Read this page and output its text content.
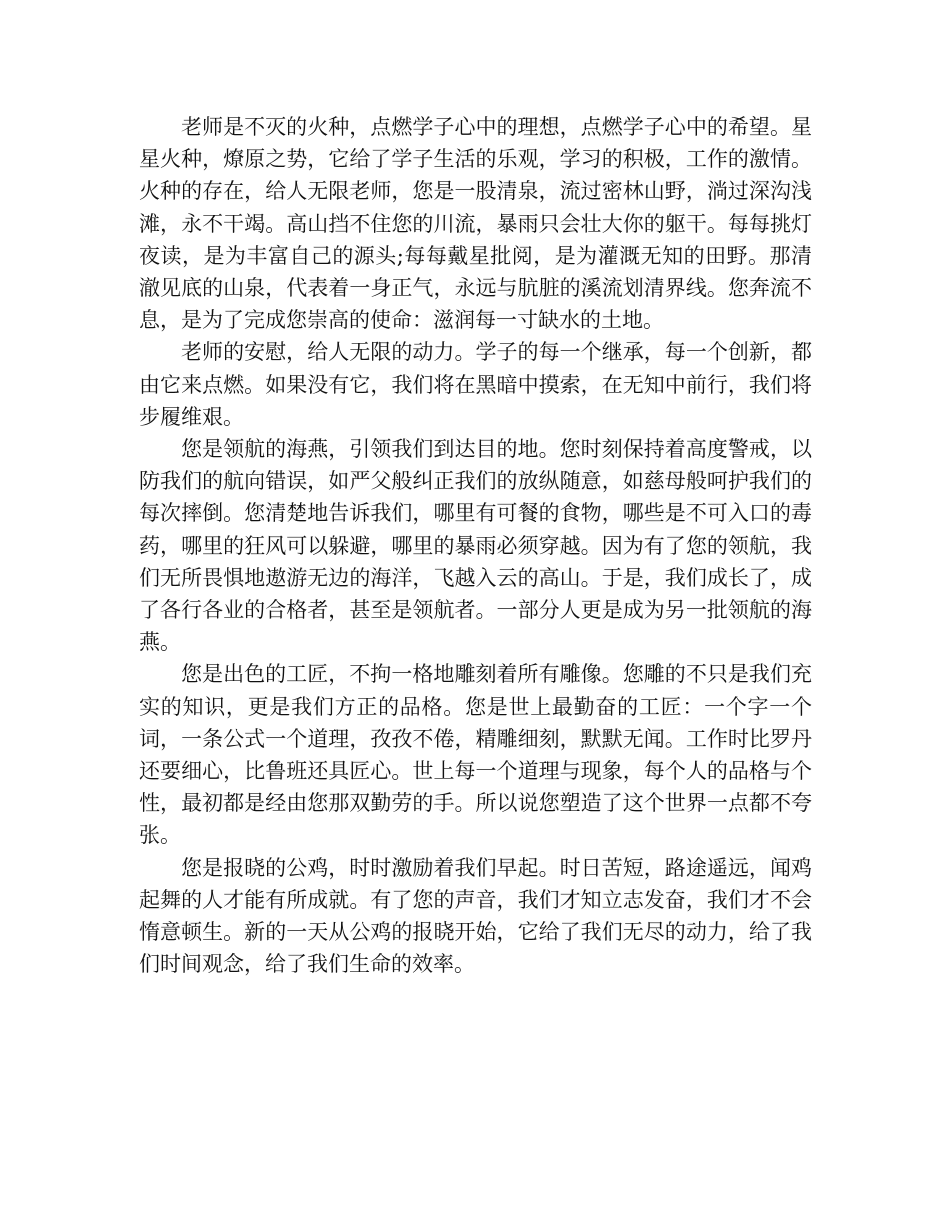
老师是不灭的火种，点燃学子心中的理想，点燃学子心中的希望。星星火种，燎原之势，它给了学子生活的乐观，学习的积极，工作的激情。火种的存在，给人无限老师，您是一股清泉，流过密林山野，淌过深沟浅滩，永不干竭。高山挡不住您的川流，暴雨只会壮大你的躯干。每每挑灯夜读，是为丰富自己的源头;每每戴星批阅，是为灌溉无知的田野。那清澈见底的山泉，代表着一身正气，永远与肮脏的溪流划清界线。您奔流不息，是为了完成您崇高的使命：滋润每一寸缺水的土地。

老师的安慰，给人无限的动力。学子的每一个继承，每一个创新，都由它来点燃。如果没有它，我们将在黑暗中摸索，在无知中前行，我们将步履维艰。

您是领航的海燕，引领我们到达目的地。您时刻保持着高度警戒，以防我们的航向错误，如严父般纠正我们的放纵随意，如慈母般呵护我们的每次摔倒。您清楚地告诉我们，哪里有可餐的食物，哪些是不可入口的毒药，哪里的狂风可以躲避，哪里的暴雨必须穿越。因为有了您的领航，我们无所畏惧地遨游无边的海洋，飞越入云的高山。于是，我们成长了，成了各行各业的合格者，甚至是领航者。一部分人更是成为另一批领航的海燕。

您是出色的工匠，不拘一格地雕刻着所有雕像。您雕的不只是我们充实的知识，更是我们方正的品格。您是世上最勤奋的工匠：一个字一个词，一条公式一个道理，孜孜不倦，精雕细刻，默默无闻。工作时比罗丹还要细心，比鲁班还具匠心。世上每一个道理与现象，每个人的品格与个性，最初都是经由您那双勤劳的手。所以说您塑造了这个世界一点都不夸张。

您是报晓的公鸡，时时激励着我们早起。时日苦短，路途遥远，闻鸡起舞的人才能有所成就。有了您的声音，我们才知立志发奋，我们才不会惰意顿生。新的一天从公鸡的报晓开始，它给了我们无尽的动力，给了我们时间观念，给了我们生命的效率。
